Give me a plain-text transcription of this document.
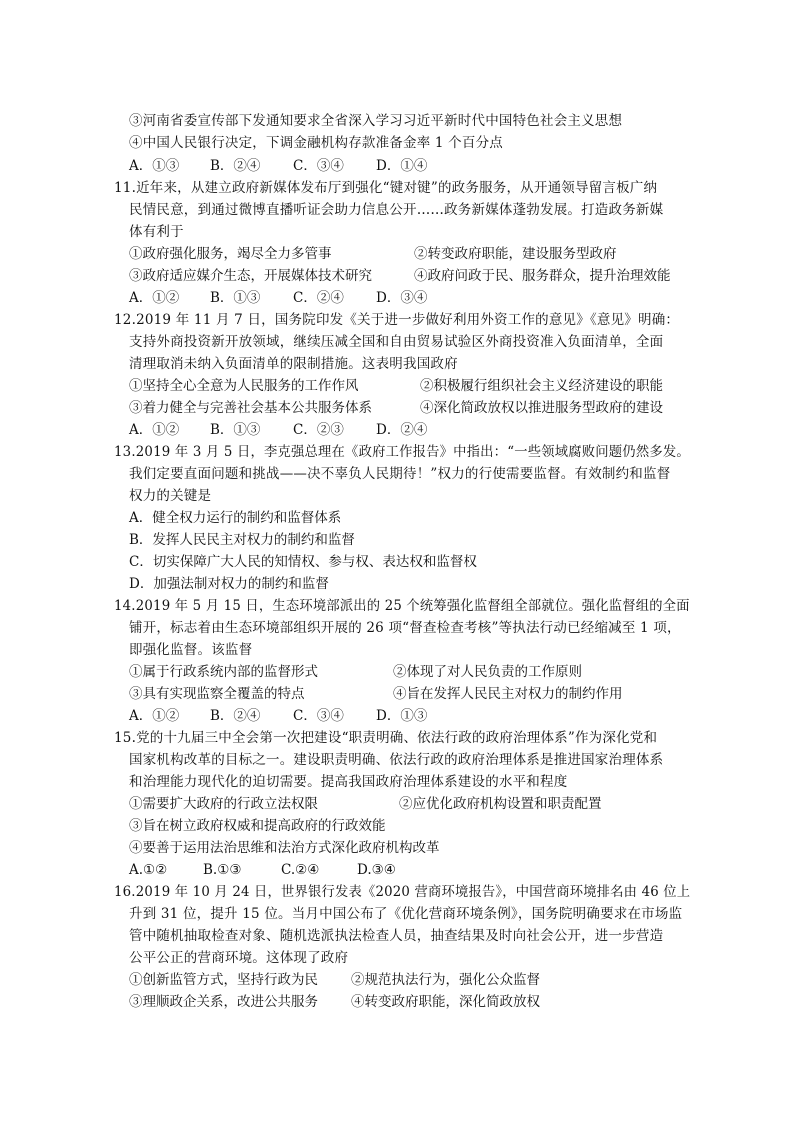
③河南省委宣传部下发通知要求全省深入学习习近平新时代中国特色社会主义思想
④中国人民银行决定，下调金融机构存款准备金率 1 个百分点
A．①③ B．②④ C．③④ D．①④
11.近年来，从建立政府新媒体发布厅到强化“键对键”的政务服务，从开通领导留言板广纳
民情民意，到通过微博直播听证会助力信息公开……政务新媒体蓬勃发展。打造政务新媒
体有利于
①政府强化服务，竭尽全力多管事	②转变政府职能，建设服务型政府
③政府适应媒介生态，开展媒体技术研究	④政府问政于民、服务群众，提升治理效能
A．①② B．①③ C．②④ D．③④
12.2019 年 11 月 7 日，国务院印发《关于进一步做好利用外资工作的意见》《意见》明确：
支持外商投资新开放领域，继续压减全国和自由贸易试验区外商投资准入负面清单，全面
清理取消未纳入负面清单的限制措施。这表明我国政府
①坚持全心全意为人民服务的工作作风	②积极履行组织社会主义经济建设的职能
③着力健全与完善社会基本公共服务体系	④深化简政放权以推进服务型政府的建设
A．①② B．①③ C．②③ D．②④
13.2019 年 3 月 5 日，李克强总理在《政府工作报告》中指出：“一些领域腐败问题仍然多发。
我们定要直面问题和挑战——决不辜负人民期待！”权力的行使需要监督。有效制约和监督
权力的关键是
A．健全权力运行的制约和监督体系
B．发挥人民民主对权力的制约和监督
C．切实保障广大人民的知情权、参与权、表达权和监督权
D．加强法制对权力的制约和监督
14.2019 年 5 月 15 日，生态环境部派出的 25 个统筹强化监督组全部就位。强化监督组的全面
铺开，标志着由生态环境部组织开展的 26 项“督查检查考核”等执法行动已经缩减至 1 项，
即强化监督。该监督
①属于行政系统内部的监督形式	②体现了对人民负责的工作原则
③具有实现监察全覆盖的特点	④旨在发挥人民民主对权力的制约作用
A．①② B．②④ C．③④ D．①③
15.党的十九届三中全会第一次把建设“职责明确、依法行政的政府治理体系”作为深化党和
国家机构改革的目标之一。建设职责明确、依法行政的政府治理体系是推进国家治理体系
和治理能力现代化的迫切需要。提高我国政府治理体系建设的水平和程度
①需要扩大政府的行政立法权限	②应优化政府机构设置和职责配置
③旨在树立政府权威和提高政府的行政效能
④要善于运用法治思维和法治方式深化政府机构改革
A.①②	B.①③	C.②④	D.③④
16.2019 年 10 月 24 日，世界银行发表《2020 营商环境报告》，中国营商环境排名由 46 位上
升到 31 位，提升 15 位。当月中国公布了《优化营商环境条例》，国务院明确要求在市场监
管中随机抽取检查对象、随机选派执法检查人员，抽查结果及时向社会公开，进一步营造
公平公正的营商环境。这体现了政府
①创新监管方式，坚持行政为民 ②规范执法行为，强化公众监督
③理顺政企关系，改进公共服务 ④转变政府职能，深化简政放权
